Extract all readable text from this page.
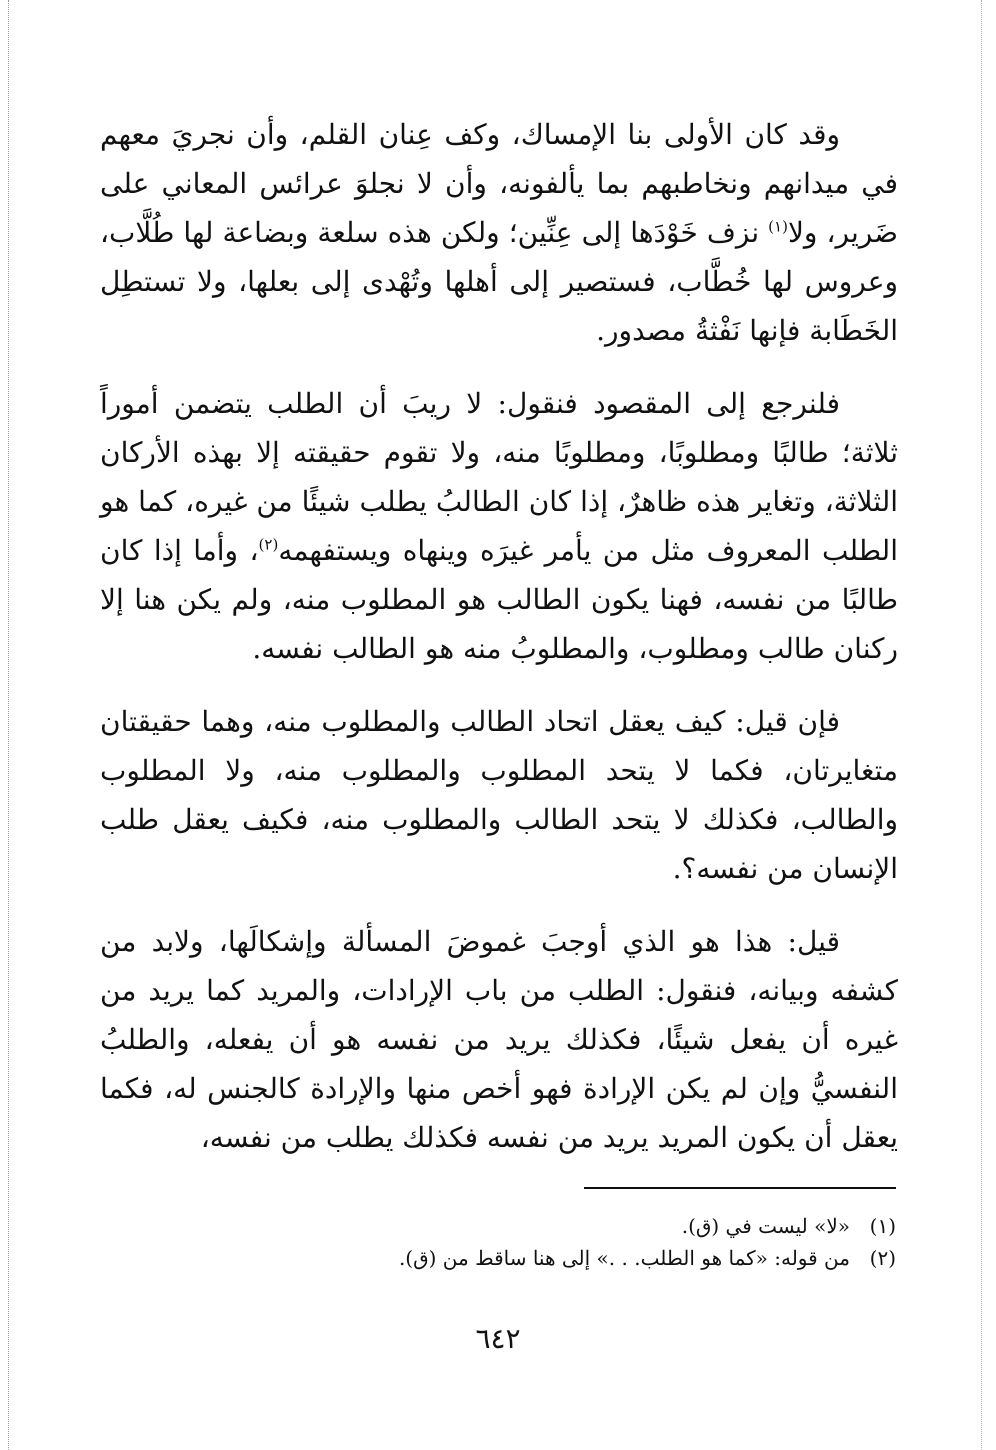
وقد كان الأولى بنا الإمساك، وكف عِنان القلم، وأن نجريَ معهم في ميدانهم ونخاطبهم بما يألفونه، وأن لا نجلوَ عرائس المعاني على ضَرير، ولا$^{(١)}$ نزف خَوْدَها إلى عِنِّين؛ ولكن هذه سلعة وبضاعة لها طُلَّاب، وعروس لها خُطَّاب، فستصير إلى أهلها وتُهْدى إلى بعلها، ولا تستطِل الخَطَابة فإنها نَفْثةُ مصدور.

فلنرجع إلى المقصود فنقول: لا ريبَ أن الطلب يتضمن أموراً ثلاثة؛ طالبًا ومطلوبًا، ومطلوبًا منه، ولا تقوم حقيقته إلا بهذه الأركان الثلاثة، وتغاير هذه ظاهرٌ، إذا كان الطالبُ يطلب شيئًا من غيره، كما هو الطلب المعروف مثل من يأمر غيرَه وينهاه ويستفهمه$^{(٢)}$، وأما إذا كان طالبًا من نفسه، فهنا يكون الطالب هو المطلوب منه، ولم يكن هنا إلا ركنان طالب ومطلوب، والمطلوبُ منه هو الطالب نفسه.

فإن قيل: كيف يعقل اتحاد الطالب والمطلوب منه، وهما حقيقتان متغايرتان، فكما لا يتحد المطلوب والمطلوب منه، ولا المطلوب والطالب، فكذلك لا يتحد الطالب والمطلوب منه، فكيف يعقل طلب الإنسان من نفسه؟.

قيل: هذا هو الذي أوجبَ غموضَ المسألة وإشكالَها، ولابد من كشفه وبيانه، فنقول: الطلب من باب الإرادات، والمريد كما يريد من غيره أن يفعل شيئًا، فكذلك يريد من نفسه هو أن يفعله، والطلبُ النفسيُّ وإن لم يكن الإرادة فهو أخص منها والإرادة كالجنس له، فكما يعقل أن يكون المريد يريد من نفسه فكذلك يطلب من نفسه،

(١)«لا» ليست في (ق).
(٢)من قوله: «كما هو الطلب. . .» إلى هنا ساقط من (ق).
٦٤٢
